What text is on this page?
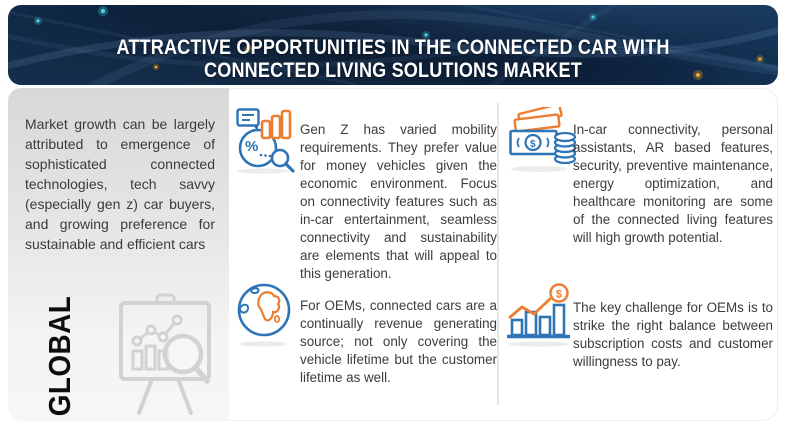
ATTRACTIVE OPPORTUNITIES IN THE CONNECTED CAR WITH
CONNECTED LIVING SOLUTIONS MARKET

Market growth can be largely attributed to emergence of sophisticated connected technologies, tech savvy (especially gen z) car buyers, and growing preference for sustainable and efficient cars

GLOBAL
%

Gen Z has varied mobility requirements. They prefer value for money vehicles given the economic environment. Focus on connectivity features such as in-car entertainment, seamless connectivity and sustainability are elements that will appeal to this generation.

For OEMs, connected cars are a continually revenue generating source; not only covering the vehicle lifetime but the customer lifetime as well.

$

In-car connectivity, personal assistants, AR based features, security, preventive maintenance, energy optimization, and healthcare monitoring are some of the connected living features will high growth potential.

$

The key challenge for OEMs is to strike the right balance between subscription costs and customer willingness to pay.
